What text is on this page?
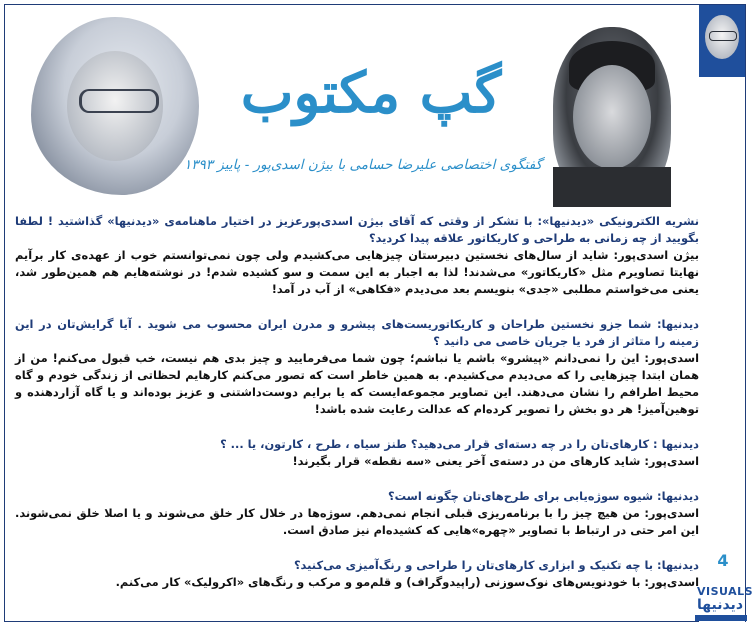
گپ مکتوب
گفتگوی اختصاصی علیرضا حسامی با بیژن اسدی‌پور - پاییز ۱۳۹۳
4
VISUALS
دیدنیها

نشریه الکترونیکی «دیدنیها»: با تشکر از وقتی که آقای بیژن اسدی‌پورعزیز در اختیار ماهنامه‌ی «دیدنیها» گذاشتید ! لطفا بگویید از چه زمانی به طراحی و کاریکاتور علاقه پیدا کردید؟

بیژن اسدی‌پور: شاید از سال‌های نخستین دبیرستان چیزهایی می‌کشیدم ولی چون نمی‌توانستم خوب از عهده‌ی کار برآیم نهایتا تصاویرم مثل «کاریکاتور» می‌شدند! لذا به اجبار به این سمت و سو کشیده شدم! در نوشته‌هایم هم همین‌طور شد، یعنی می‌خواستم مطلبی «جدی» بنویسم بعد می‌دیدم «فکاهی» از آب در آمد!

دیدنیها: شما جزو نخستین طراحان و کاریکاتوریست‌های پیشرو و مدرن ایران محسوب می شوید . آیا گرایش‌تان در این زمینه را متاثر از فرد یا جریان خاصی می دانید ؟

اسدی‌پور: این را نمی‌دانم «پیشرو» باشم یا نباشم؛ چون شما می‌فرمایید و چیز بدی هم نیست، خب قبول می‌کنم! من از همان ابتدا چیزهایی را که می‌دیدم می‌کشیدم. به همین خاطر است که تصور می‌کنم کارهایم لحظاتی از زندگی خودم و گاه محیط اطرافم را نشان می‌دهند. این تصاویر مجموعه‌ایست که یا برایم دوست‌داشتنی و عزیز بوده‌اند و یا گاه آزاردهنده و توهین‌آمیز! هر دو بخش را تصویر کرده‌ام که عدالت رعایت شده باشد!

دیدنیها : کارهای‌تان را در چه دسته‌ای قرار می‌دهید؟ طنز سیاه ، طرح ، کارتون، یا ... ؟

اسدی‌پور: شاید کارهای من در دسته‌ی آخر یعنی «سه نقطه» قرار بگیرند!

دیدنیها: شیوه سوژه‌یابی برای طرح‌های‌تان چگونه است؟

اسدی‌پور: من هیچ چیز را با برنامه‌ریزی قبلی انجام نمی‌دهم. سوژه‌ها در خلال کار خلق می‌شوند و یا اصلا خلق نمی‌شوند. این امر حتی در ارتباط با تصاویر «چهره»هایی که کشیده‌ام نیز صادق است.

دیدنیها: با چه تکنیک و ابزاری کارهای‌تان را طراحی و رنگ‌آمیزی می‌کنید؟

اسدی‌پور: با خودنویس‌های نوک‌سوزنی (راپیدوگراف) و قلم‌مو و مرکب و رنگ‌های «اکرولیک» کار می‌کنم.
